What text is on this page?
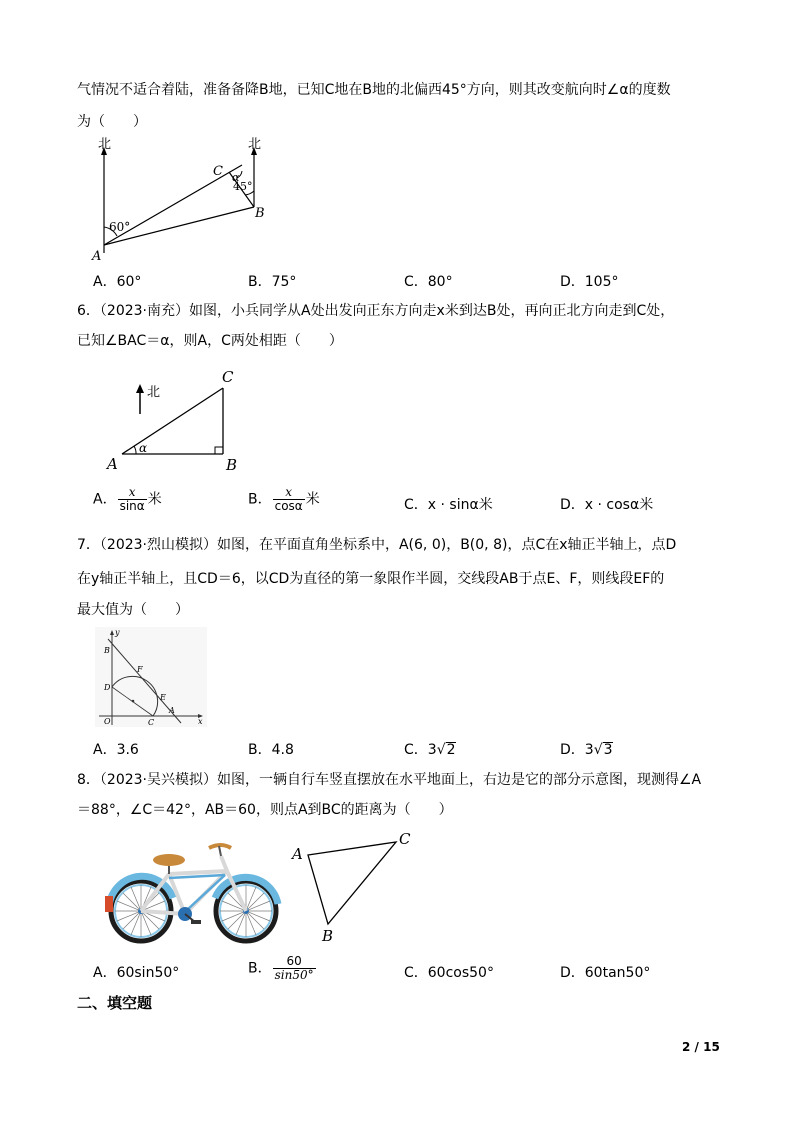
气情况不适合着陆，准备备降B地，已知C地在B地的北偏西45°方向，则其改变航向时∠α的度数
为（　　）
北	北
A
B
C α
60°
45°
A．60°	B．75°	C．80°	D．105°
6．（2023·南充）如图，小兵同学从A处出发向正东方向走x米到达B处，再向正北方向走到C处，
已知∠BAC＝α，则A，C两处相距（　　）
北
A	B
C
α
A． $\frac{x}{\sin\alpha}$ 米	B． $\frac{x}{\cos\alpha}$ 米	C．x · sinα米	D．x · cosα米
7．（2023·烈山模拟）如图，在平面直角坐标系中，A(6, 0)，B(0, 8)，点C在x轴正半轴上，点D
在y轴正半轴上，且CD＝6，以CD为直径的第一象限作半圆，交线段AB于点E、F，则线段EF的
最大值为（　　）
y
x
O
B
D
C
A
E
F
A．3.6	B．4.8	C．3√2	D．3√3
8．（2023·吴兴模拟）如图，一辆自行车竖直摆放在水平地面上，右边是它的部分示意图，现测得∠A
＝88°，∠C＝42°，AB＝60，则点A到BC的距离为（　　）
A
C
B
A．60sin50°	B． $\frac{60}{\sin 50^\circ}$	C．60cos50°	D．60tan50°
二、填空题
2 / 15
